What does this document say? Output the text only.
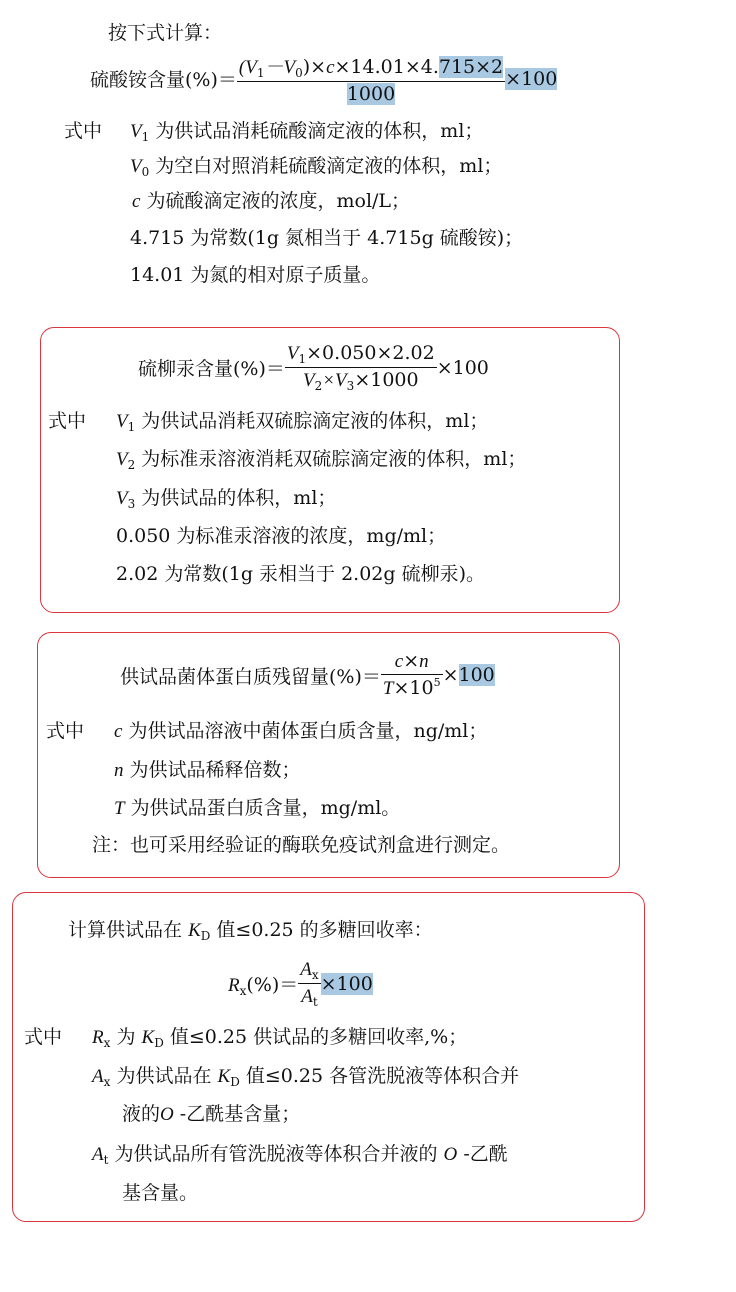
按下式计算：
硫酸铵含量(%)＝ $\frac{(V_1-V_0)\times c\times 14.01\times 4.715\times 2}{1000} \times 100$
式中 $V_1$ 为供试品消耗硫酸滴定液的体积，ml；
$V_0$ 为空白对照消耗硫酸滴定液的体积，ml；
c 为硫酸滴定液的浓度，mol/L；
4.715 为常数(1g 氮相当于 4.715g 硫酸铵)；
14.01 为氮的相对原子质量。
硫柳汞含量(%)＝ $\frac{V_1\times 0.050\times 2.02}{V_2\times V_3\times 1000} \times 100$
式中 $V_1$ 为供试品消耗双硫腙滴定液的体积，ml；
$V_2$ 为标准汞溶液消耗双硫腙滴定液的体积，ml；
$V_3$ 为供试品的体积，ml；
0.050 为标准汞溶液的浓度，mg/ml；
2.02 为常数(1g 汞相当于 2.02g 硫柳汞)。
供试品菌体蛋白质残留量(%)＝ $\frac{c\times n}{T\times 10^5} \times 100$
式中 c 为供试品溶液中菌体蛋白质含量，ng/ml；
n 为供试品稀释倍数；
T 为供试品蛋白质含量，mg/ml。
注：也可采用经验证的酶联免疫试剂盒进行测定。
计算供试品在 $K_D$ 值≤0.25 的多糖回收率：
$R_x(\%)= \frac{A_x}{A_t} \times 100$
式中 $R_x$ 为 $K_D$ 值≤0.25 供试品的多糖回收率,%；
$A_x$ 为供试品在 $K_D$ 值≤0.25 各管洗脱液等体积合并
液的O -乙酰基含量；
$A_t$ 为供试品所有管洗脱液等体积合并液的 O -乙酰
基含量。
